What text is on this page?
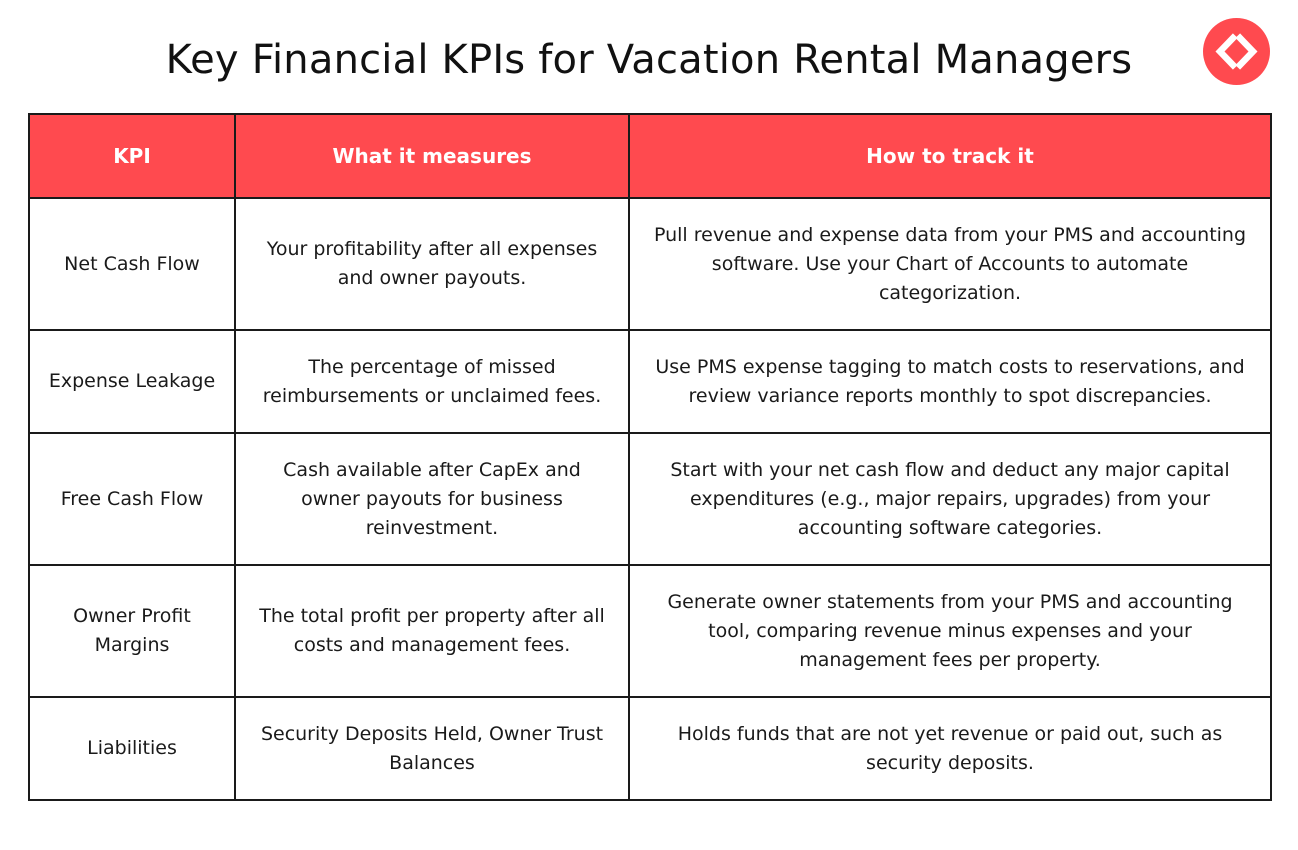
Key Financial KPIs for Vacation Rental Managers
KPI	What it measures	How to track it
Net Cash Flow	Your profitability after all expenses and owner payouts.	Pull revenue and expense data from your PMS and accounting software. Use your Chart of Accounts to automate categorization.
Expense Leakage	The percentage of missed reimbursements or unclaimed fees.	Use PMS expense tagging to match costs to reservations, and review variance reports monthly to spot discrepancies.
Free Cash Flow	Cash available after CapEx and owner payouts for business reinvestment.	Start with your net cash flow and deduct any major capital expenditures (e.g., major repairs, upgrades) from your accounting software categories.
Owner Profit Margins	The total profit per property after all costs and management fees.	Generate owner statements from your PMS and accounting tool, comparing revenue minus expenses and your management fees per property.
Liabilities	Security Deposits Held, Owner Trust Balances	Holds funds that are not yet revenue or paid out, such as security deposits.
